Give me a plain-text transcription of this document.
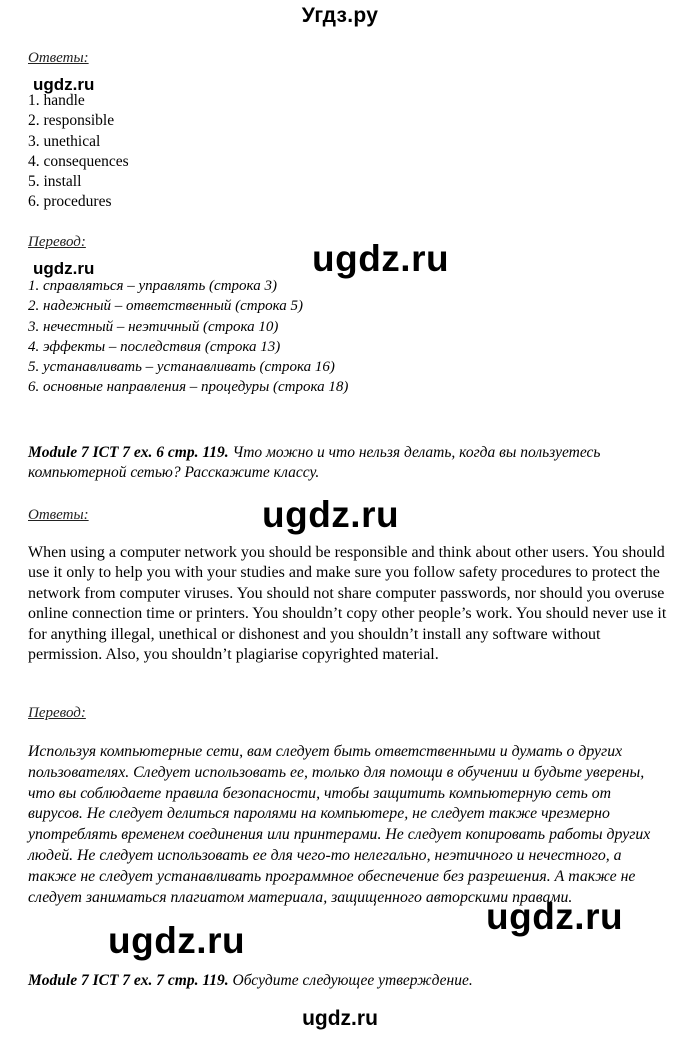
Угдз.ру
Ответы:
ugdz.ru
1. handle
2. responsible
3. unethical
4. consequences
5. install
6. procedures
Перевод:
ugdz.ru	ugdz.ru
1. справляться – управлять (строка 3)
2. надежный – ответственный (строка 5)
3. нечестный – неэтичный (строка 10)
4. эффекты – последствия (строка 13)
5. устанавливать – устанавливать (строка 16)
6. основные направления – процедуры (строка 18)
Module 7 ICT 7 ex. 6 стр. 119. Что можно и что нельзя делать, когда вы пользуетесь компьютерной сетью? Расскажите классу.
Ответы:	ugdz.ru

When using a computer network you should be responsible and think about other users. You should use it only to help you with your studies and make sure you follow safety procedures to protect the network from computer viruses. You should not share computer passwords, nor should you overuse online connection time or printers. You shouldn’t copy other people’s work. You should never use it for anything illegal, unethical or dishonest and you shouldn’t install any software without permission. Also, you shouldn’t plagiarise copyrighted material.

Перевод:

Используя компьютерные сети, вам следует быть ответственными и думать о других пользователях. Следует использовать ее, только для помощи в обучении и будьте уверены, что вы соблюдаете правила безопасности, чтобы защитить компьютерную сеть от вирусов. Не следует делиться паролями на компьютере, не следует также чрезмерно употреблять временем соединения или принтерами. Не следует копировать работы других людей. Не следует использовать ее для чего-то нелегально, неэтичного и нечестного, а также не следует устанавливать программное обеспечение без разрешения. А также не следует заниматься плагиатом материала, защищенного авторскими правами.

ugdz.ru
ugdz.ru
Module 7 ICT 7 ex. 7 стр. 119. Обсудите следующее утверждение.
ugdz.ru
